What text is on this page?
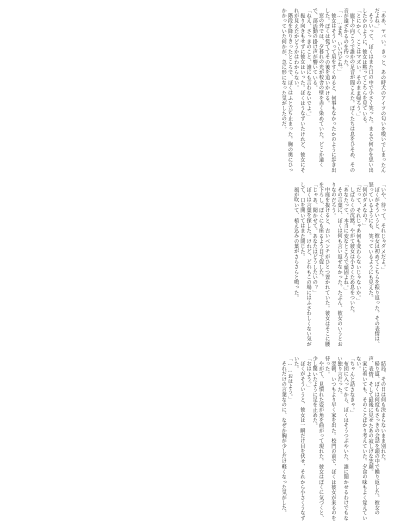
「ああ、ヤバい。きっと、あの時犬のアイツの匂いを嗅いでしまったんだよね。」

そういって、ぼくはまた口の中で小さく笑った。まるで何かを思い出したかのように、彼女は黙ってこちらを見ている。

「とにかく、ここはマズい。そのまま帰ろう。」

廊下の向こうで誰かの足音が聞こえた。ぼくたちは息をひそめ、その音が遠ざかるのを待った。

「……まあ、いいけどね。」

彼女はそういって肩をすくめると、何事もなかったかのように歩き出した。ぼくは慌ててその後を追いかける。

窓の外では、夕暮れの光が校舎の壁を赤く染めていた。どこか遠くで、部活動の掛け声が響いている。

「ねえ、さっきのこと、誰にも言わないでよ。」

振り向きもせずに彼女はいった。ぼくはうなずいたけれど、彼女にそれが見えたかどうかはわからない。

階段を降りきったところで、ぼくはふと立ち止まった。胸の奥にひっかかっていた何かが、急に形になった気がしたのだ。

「いや、待って。それじゃダメだよ。」

ぼくがそういうと、彼女は初めてこちらを振り返った。その表情は、怒っているようにも、笑っているようにも見えた。

「何がダメなの？」

「だって、それじゃあ何も変わらないじゃないか。」

しばらくの沈黙。やがて彼女は小さくため息をついた。

「あなたって、本当に変なところで頑固よね。」

その言葉に、ぼくは何も言い返せなかった。たぶん、彼女のいうとおりなのだろう。

中庭を抜けると、古いベンチがひとつ置かれていた。彼女はそこに腰を下ろし、ぼくにも座るよう目で促した。

「じゃあ、聞かせて。あなたはどうしたいの？」

ぼくは言葉を探した。けれど、どれもこの場にはふさわしくない気がして、口を開いてはまた閉じた。

風が吹いて、植え込みの葉がさらさらと鳴った。

結局、その日は何も決まらないまま別れた。

帰り道、ぼくは何度もさっきの会話を頭の中で繰り返した。彼女の声、表情、そして最後に見せたあの寂しげな笑顔。

家に着いても、そのことばかり考えていた。夕食の味もよく覚えていない。

「ちゃんと話さなきゃ。」

布団に入ってから、ぼくはそうつぶやいた。誰に聞かせるわけでもない独り言だった。

翌朝、いつもより早く家を出た。校門の前で、ぼくは彼女が来るのを待った。

やがて、見慣れた姿が角を曲がって現れた。彼女はぼくに気づくと、少し驚いたように足を止めた。

「おはよう。」

ぼくがそういうと、彼女は一瞬だけ目を伏せ、それから小さくうなずいた。

「……おはよう。」

それだけの言葉なのに、なぜか胸が少しだけ軽くなった気がした。
